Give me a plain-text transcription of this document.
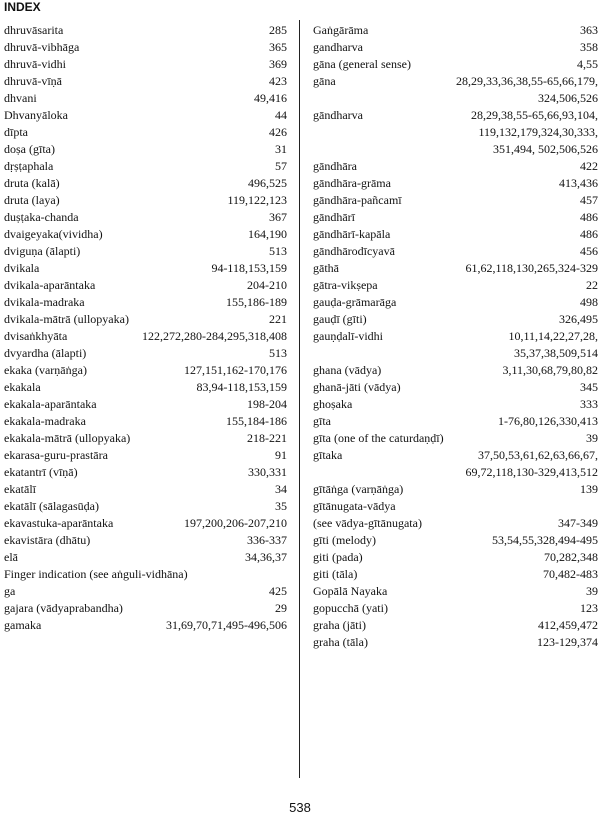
INDEX
dhruvāsarita	285
dhruvā-vibhāga	365
dhruvā-vidhi	369
dhruvā-vīṇā	423
dhvani	49,416
Dhvanyāloka	44
dīpta	426
doṣa (gīta)	31
dṛṣṭaphala	57
druta (kalā)	496,525
druta (laya)	119,122,123
duṣṭaka-chanda	367
dvaigeyaka(vividha)	164,190
dviguṇa (ālapti)	513
dvikala	94-118,153,159
dvikala-aparāntaka	204-210
dvikala-madraka	155,186-189
dvikala-mātrā (ullopyaka)	221
dvisaṅkhyāta	122,272,280-284,295,318,408
dvyardha (ālapti)	513
ekaka (varṇāṅga)	127,151,162-170,176
ekakala	83,94-118,153,159
ekakala-aparāntaka	198-204
ekakala-madraka	155,184-186
ekakala-mātrā (ullopyaka)	218-221
ekarasa-guru-prastāra	91
ekatantrī (vīṇā)	330,331
ekatālī	34
ekatālī (sālagasūḍa)	35
ekavastuka-aparāntaka	197,200,206-207,210
ekavistāra (dhātu)	336-337
elā	34,36,37
Finger indication (see aṅguli-vidhāna)
ga	425
gajara (vādyaprabandha)	29
gamaka	31,69,70,71,495-496,506
Gaṅgārāma	363
gandharva	358
gāna (general sense)	4,55
gāna	28,29,33,36,38,55-65,66,179,
324,506,526
gāndharva	28,29,38,55-65,66,93,104,
119,132,179,324,30,333,
351,494, 502,506,526
gāndhāra	422
gāndhāra-grāma	413,436
gāndhāra-pañcamī	457
gāndhārī	486
gāndhārī-kapāla	486
gāndhārodīcyavā	456
gāthā	61,62,118,130,265,324-329
gātra-vikṣepa	22
gauḍa-grāmarāga	498
gauḍī (gīti)	326,495
gauṇḍalī-vidhi	10,11,14,22,27,28,
35,37,38,509,514
ghana (vādya)	3,11,30,68,79,80,82
ghanā-jāti (vādya)	345
ghoṣaka	333
gīta	1-76,80,126,330,413
gīta (one of the caturdaṇḍī)	39
gītaka	37,50,53,61,62,63,66,67,
69,72,118,130-329,413,512
gītāṅga (varṇāṅga)	139
gītānugata-vādya
(see vādya-gītānugata)	
347-349
gīti (melody)	53,54,55,328,494-495
giti (pada)	70,282,348
giti (tāla)	70,482-483
Gopālā Nayaka	39
gopucchā (yati)	123
graha (jāti)	412,459,472
graha (tāla)	123-129,374
538
